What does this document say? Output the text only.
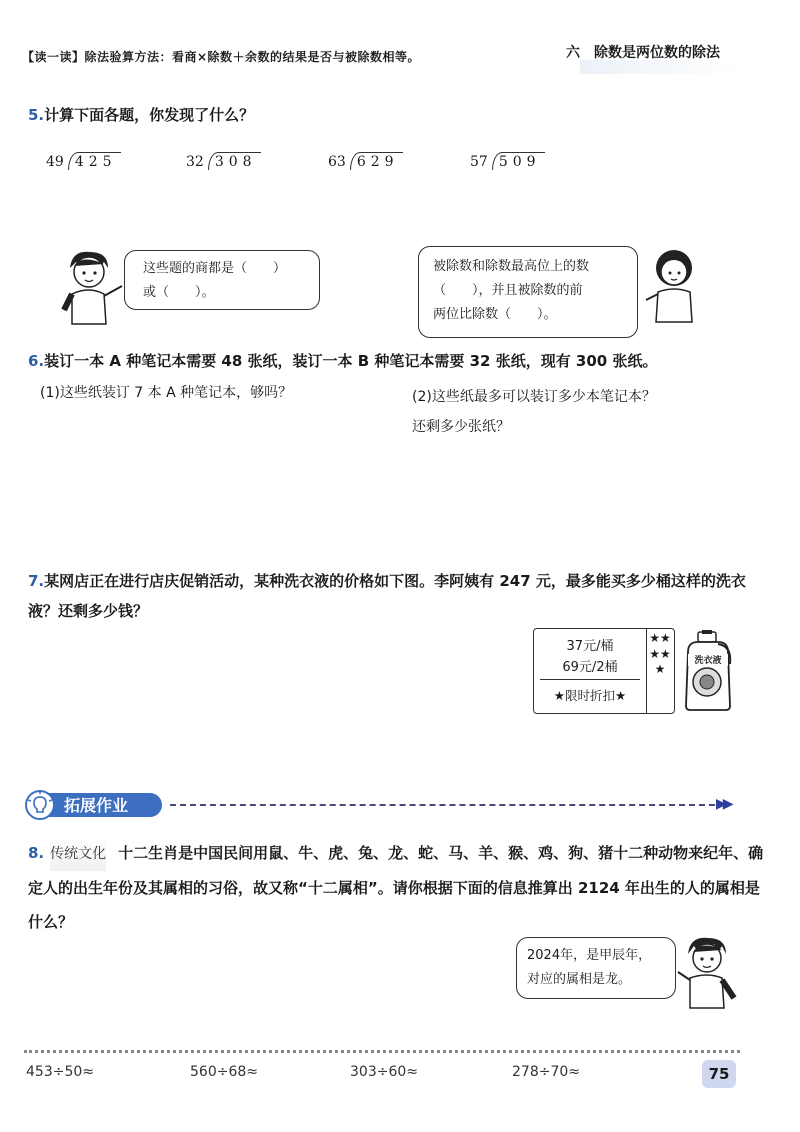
【读一读】除法验算方法：看商×除数＋余数的结果是否与被除数相等。	六　除数是两位数的除法
5.计算下面各题，你发现了什么？
49 425	32 308	63 629	57 509
这些题的商都是（　　）
或（　　）。
被除数和除数最高位上的数
（　　），并且被除数的前
两位比除数（　　）。
6.装订一本 A 种笔记本需要 48 张纸，装订一本 B 种笔记本需要 32 张纸，现有 300 张纸。
(1)这些纸装订 7 本 A 种笔记本，够吗？	(2)这些纸最多可以装订多少本笔记本？
还剩多少张纸？
7.某网店正在进行店庆促销活动，某种洗衣液的价格如下图。李阿姨有 247 元，最多能买多少桶这样的洗衣液？还剩多少钱？
37元/桶
69元/2桶
★限时折扣★
★★★★★
洗衣液
拓展作业	▶▶
8. 传统文化 十二生肖是中国民间用鼠、牛、虎、兔、龙、蛇、马、羊、猴、鸡、狗、猪十二种动物来纪年、确定人的出生年份及其属相的习俗，故又称“十二属相”。请你根据下面的信息推算出 2124 年出生的人的属相是什么？
2024年，是甲辰年，
对应的属相是龙。
453÷50≈	560÷68≈	303÷60≈	278÷70≈	75
